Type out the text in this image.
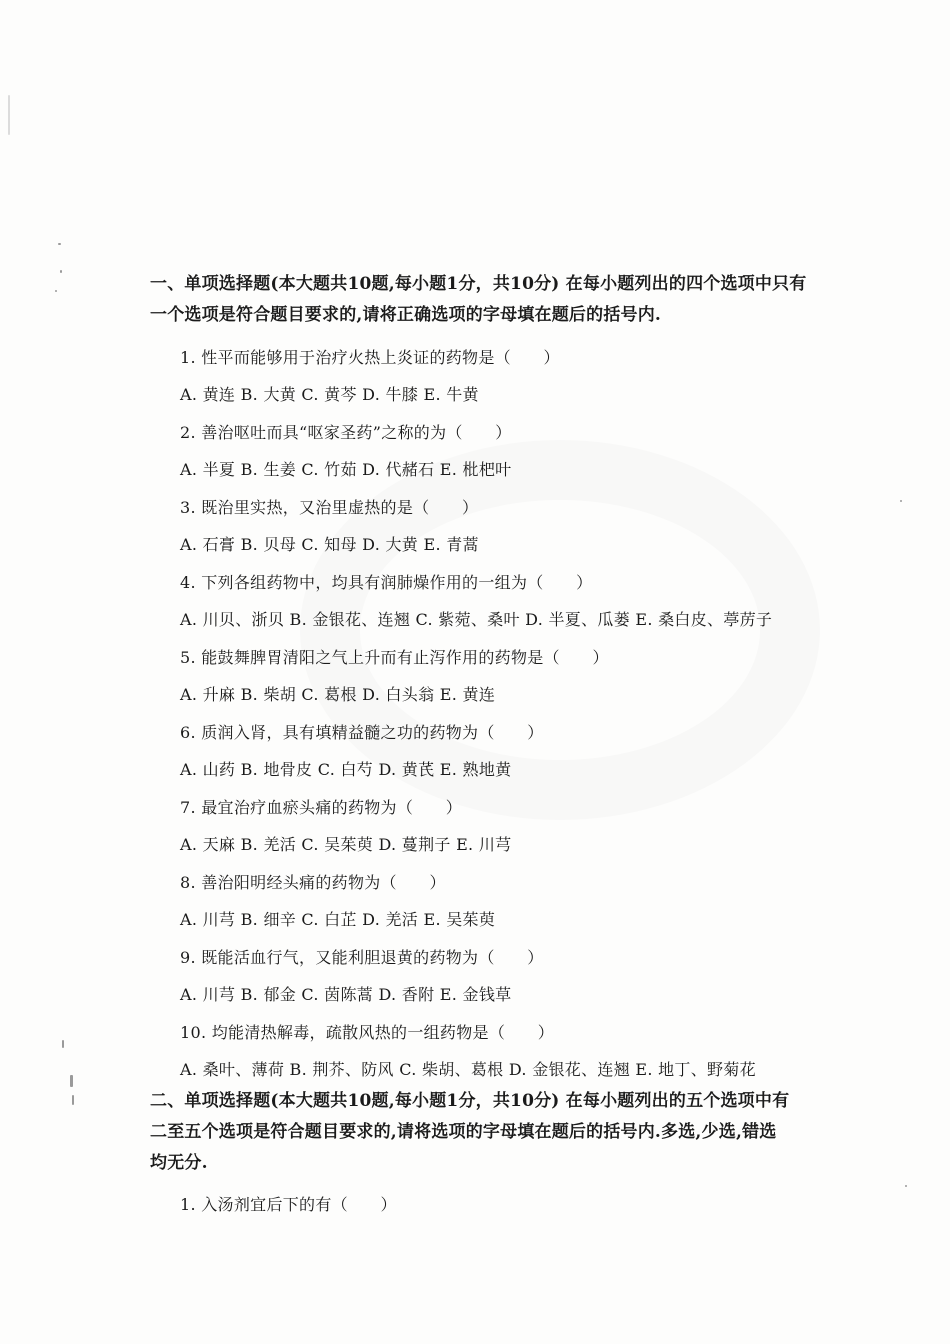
一、单项选择题(本大题共10题,每小题1分，共10分) 在每小题列出的四个选项中只有
一个选项是符合题目要求的,请将正确选项的字母填在题后的括号内.
1. 性平而能够用于治疗火热上炎证的药物是（　　）
A. 黄连 B. 大黄 C. 黄芩 D. 牛膝 E. 牛黄
2. 善治呕吐而具“呕家圣药”之称的为（　　）
A. 半夏 B. 生姜 C. 竹茹 D. 代赭石 E. 枇杷叶
3. 既治里实热，又治里虚热的是（　　）
A. 石膏 B. 贝母 C. 知母 D. 大黄 E. 青蒿
4. 下列各组药物中，均具有润肺燥作用的一组为（　　）
A. 川贝、浙贝 B. 金银花、连翘 C. 紫菀、桑叶 D. 半夏、瓜蒌 E. 桑白皮、葶苈子
5. 能鼓舞脾胃清阳之气上升而有止泻作用的药物是（　　）
A. 升麻 B. 柴胡 C. 葛根 D. 白头翁 E. 黄连
6. 质润入肾，具有填精益髓之功的药物为（　　）
A. 山药 B. 地骨皮 C. 白芍 D. 黄芪 E. 熟地黄
7. 最宜治疗血瘀头痛的药物为（　　）
A. 天麻 B. 羌活 C. 吴茱萸 D. 蔓荆子 E. 川芎
8. 善治阳明经头痛的药物为（　　）
A. 川芎 B. 细辛 C. 白芷 D. 羌活 E. 吴茱萸
9. 既能活血行气，又能利胆退黄的药物为（　　）
A. 川芎 B. 郁金 C. 茵陈蒿 D. 香附 E. 金钱草
10. 均能清热解毒，疏散风热的一组药物是（　　）
A. 桑叶、薄荷 B. 荆芥、防风 C. 柴胡、葛根 D. 金银花、连翘 E. 地丁、野菊花
二、单项选择题(本大题共10题,每小题1分，共10分) 在每小题列出的五个选项中有
二至五个选项是符合题目要求的,请将选项的字母填在题后的括号内.多选,少选,错选
均无分.
1. 入汤剂宜后下的有（　　）
